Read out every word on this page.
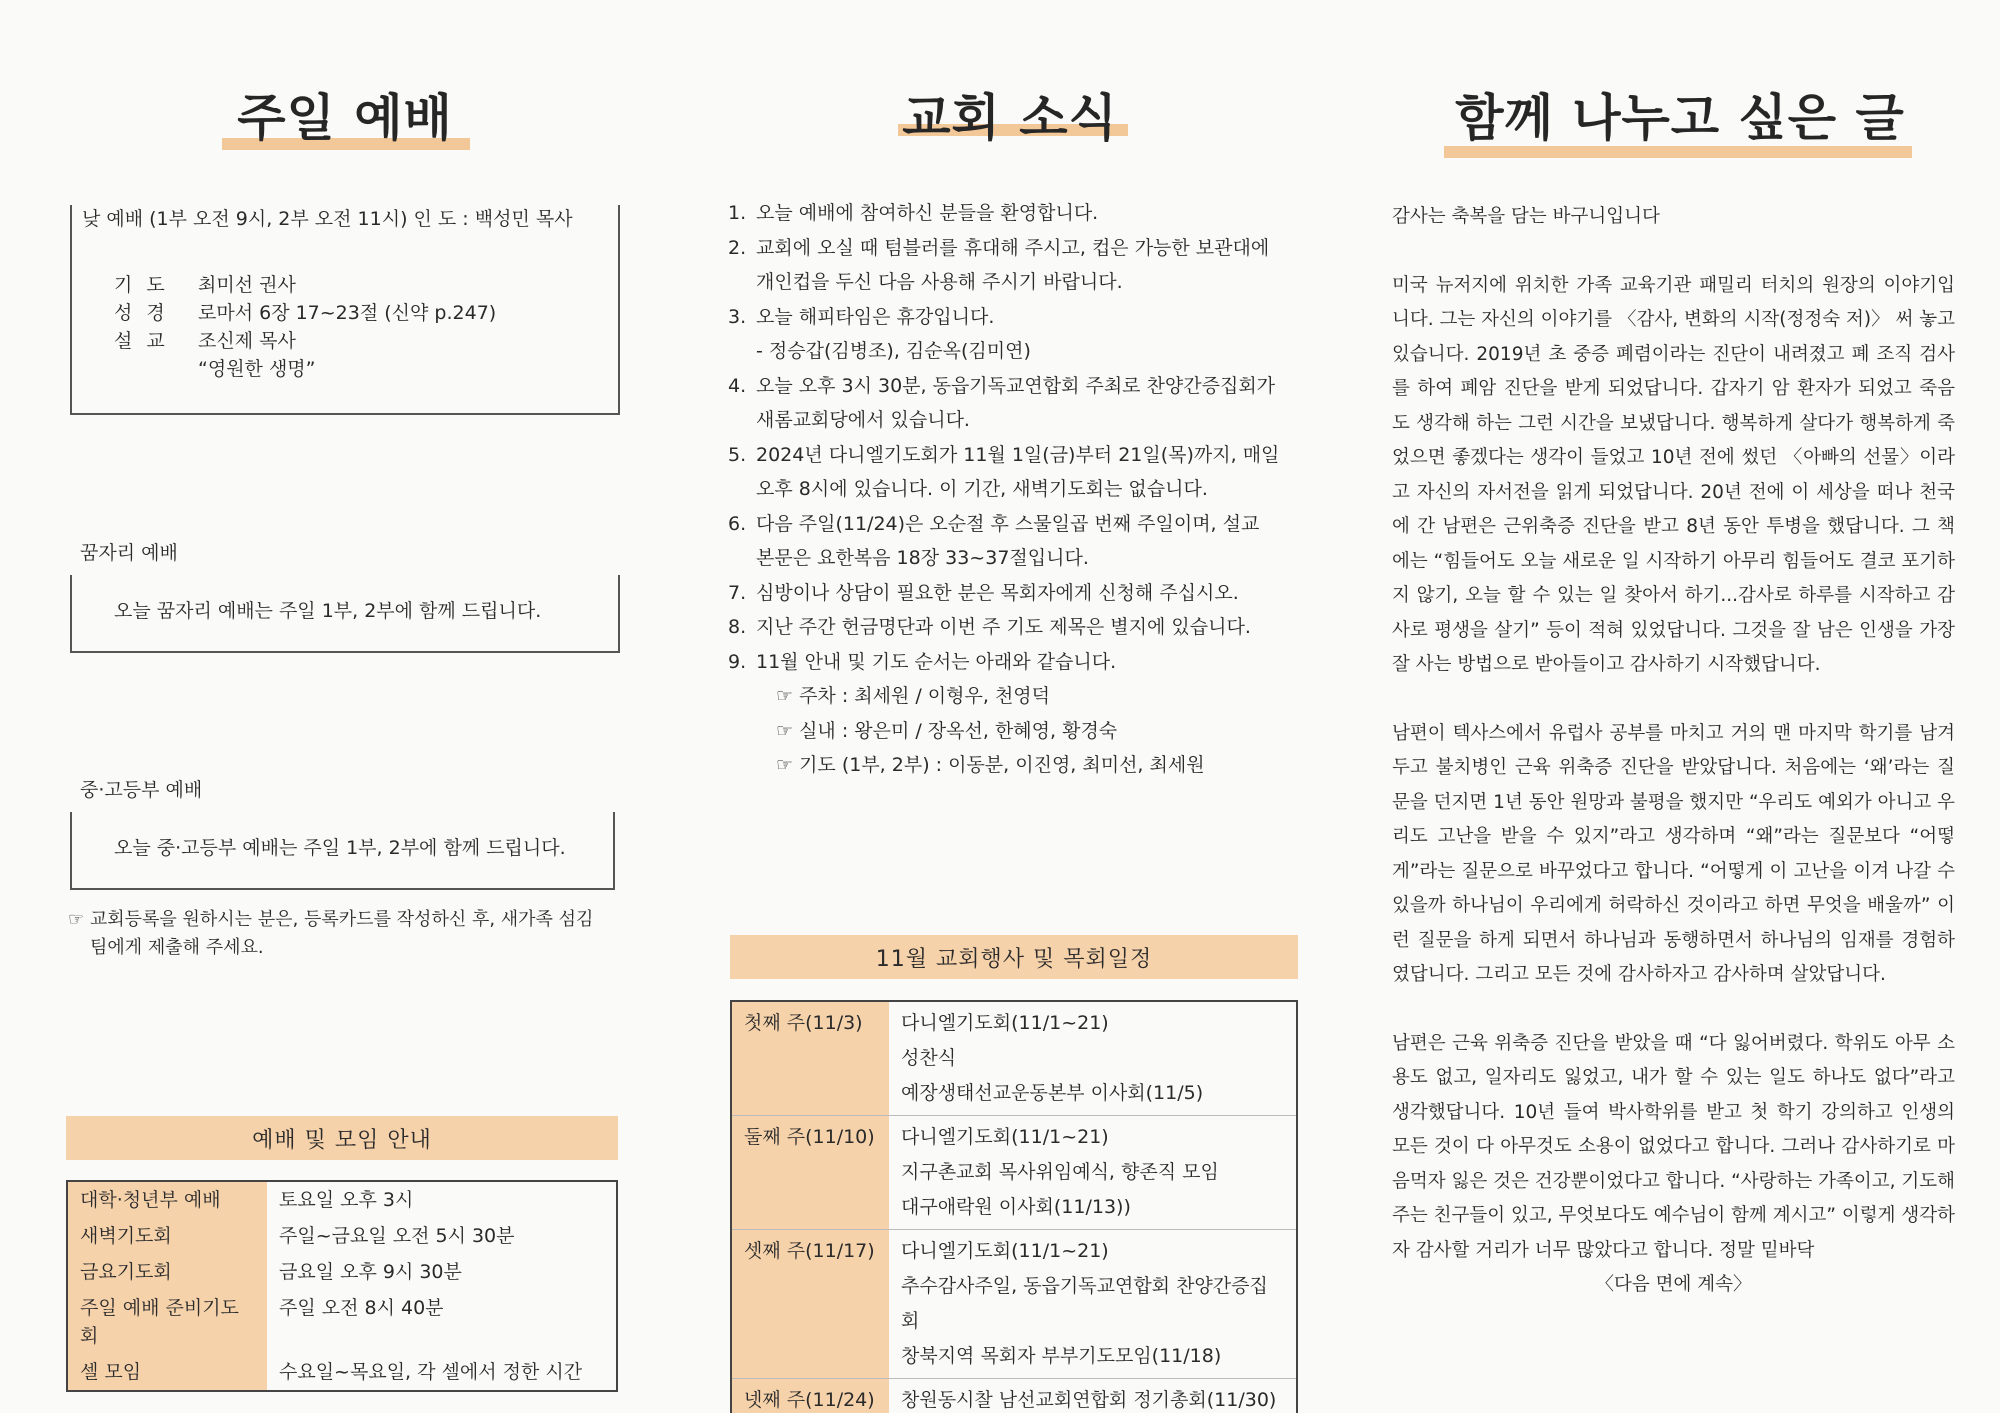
주일 예배
낮 예배 (1부 오전 9시, 2부 오전 11시) 인 도 : 백성민 목사
기도	최미선 권사
성경	로마서 6장 17~23절 (신약 p.247)
설교	조신제 목사
“영원한 생명”
꿈자리 예배
오늘 꿈자리 예배는 주일 1부, 2부에 함께 드립니다.
중·고등부 예배
오늘 중·고등부 예배는 주일 1부, 2부에 함께 드립니다.
☞ 교회등록을 원하시는 분은, 등록카드를 작성하신 후, 새가족 섬김팀에게 제출해 주세요.
예배 및 모임 안내
대학·청년부 예배	토요일 오후 3시
새벽기도회	주일~금요일 오전 5시 30분
금요기도회	금요일 오후 9시 30분
주일 예배 준비기도회	주일 오전 8시 40분
셀 모임	수요일~목요일, 각 셀에서 정한 시간
교회 소식
1. 오늘 예배에 참여하신 분들을 환영합니다.
2. 교회에 오실 때 텀블러를 휴대해 주시고, 컵은 가능한 보관대에
개인컵을 두신 다음 사용해 주시기 바랍니다.
3. 오늘 해피타임은 휴강입니다.
- 정승갑(김병조), 김순옥(김미연)
4. 오늘 오후 3시 30분, 동읍기독교연합회 주최로 찬양간증집회가
새롬교회당에서 있습니다.
5. 2024년 다니엘기도회가 11월 1일(금)부터 21일(목)까지, 매일
오후 8시에 있습니다. 이 기간, 새벽기도회는 없습니다.
6. 다음 주일(11/24)은 오순절 후 스물일곱 번째 주일이며, 설교
본문은 요한복음 18장 33~37절입니다.
7. 심방이나 상담이 필요한 분은 목회자에게 신청해 주십시오.
8. 지난 주간 헌금명단과 이번 주 기도 제목은 별지에 있습니다.
9. 11월 안내 및 기도 순서는 아래와 같습니다.
☞ 주차 : 최세원 / 이형우, 천영덕
☞ 실내 : 왕은미 / 장옥선, 한혜영, 황경숙
☞ 기도 (1부, 2부) : 이동분, 이진영, 최미선, 최세원
11월 교회행사 및 목회일정
첫째 주(11/3)	다니엘기도회(11/1~21)
성찬식
예장생태선교운동본부 이사회(11/5)

둘째 주(11/10)	다니엘기도회(11/1~21)
지구촌교회 목사위임예식, 향존직 모임
대구애락원 이사회(11/13))

셋째 주(11/17)	다니엘기도회(11/1~21)
추수감사주일, 동읍기독교연합회 찬양간증집회
창북지역 목회자 부부기도모임(11/18)

넷째 주(11/24)	창원동시찰 남선교회연합회 정기총회(11/30)
함께 나누고 싶은 글
감사는 축복을 담는 바구니입니다

미국 뉴저지에 위치한 가족 교육기관 패밀리 터치의 원장의 이야기입니다. 그는 자신의 이야기를 〈감사, 변화의 시작(정정숙 저)〉 써 놓고 있습니다. 2019년 초 중증 폐렴이라는 진단이 내려졌고 폐 조직 검사를 하여 폐암 진단을 받게 되었답니다. 갑자기 암 환자가 되었고 죽음도 생각해 하는 그런 시간을 보냈답니다. 행복하게 살다가 행복하게 죽었으면 좋겠다는 생각이 들었고 10년 전에 썼던 〈아빠의 선물〉이라고 자신의 자서전을 읽게 되었답니다. 20년 전에 이 세상을 떠나 천국에 간 남편은 근위축증 진단을 받고 8년 동안 투병을 했답니다. 그 책에는 “힘들어도 오늘 새로운 일 시작하기 아무리 힘들어도 결코 포기하지 않기, 오늘 할 수 있는 일 찾아서 하기...감사로 하루를 시작하고 감사로 평생을 살기” 등이 적혀 있었답니다. 그것을 잘 남은 인생을 가장 잘 사는 방법으로 받아들이고 감사하기 시작했답니다.

남편이 텍사스에서 유럽사 공부를 마치고 거의 맨 마지막 학기를 남겨두고 불치병인 근육 위축증 진단을 받았답니다. 처음에는 ‘왜’라는 질문을 던지면 1년 동안 원망과 불평을 했지만 “우리도 예외가 아니고 우리도 고난을 받을 수 있지”라고 생각하며 “왜”라는 질문보다 “어떻게”라는 질문으로 바꾸었다고 합니다. “어떻게 이 고난을 이겨 나갈 수 있을까 하나님이 우리에게 허락하신 것이라고 하면 무엇을 배울까” 이런 질문을 하게 되면서 하나님과 동행하면서 하나님의 임재를 경험하였답니다. 그리고 모든 것에 감사하자고 감사하며 살았답니다.

남편은 근육 위축증 진단을 받았을 때 “다 잃어버렸다. 학위도 아무 소용도 없고, 일자리도 잃었고, 내가 할 수 있는 일도 하나도 없다”라고 생각했답니다. 10년 들여 박사학위를 받고 첫 학기 강의하고 인생의 모든 것이 다 아무것도 소용이 없었다고 합니다. 그러나 감사하기로 마음먹자 잃은 것은 건강뿐이었다고 합니다. “사랑하는 가족이고, 기도해주는 친구들이 있고, 무엇보다도 예수님이 함께 계시고” 이렇게 생각하자 감사할 거리가 너무 많았다고 합니다. 정말 밑바닥

〈다음 면에 계속〉
